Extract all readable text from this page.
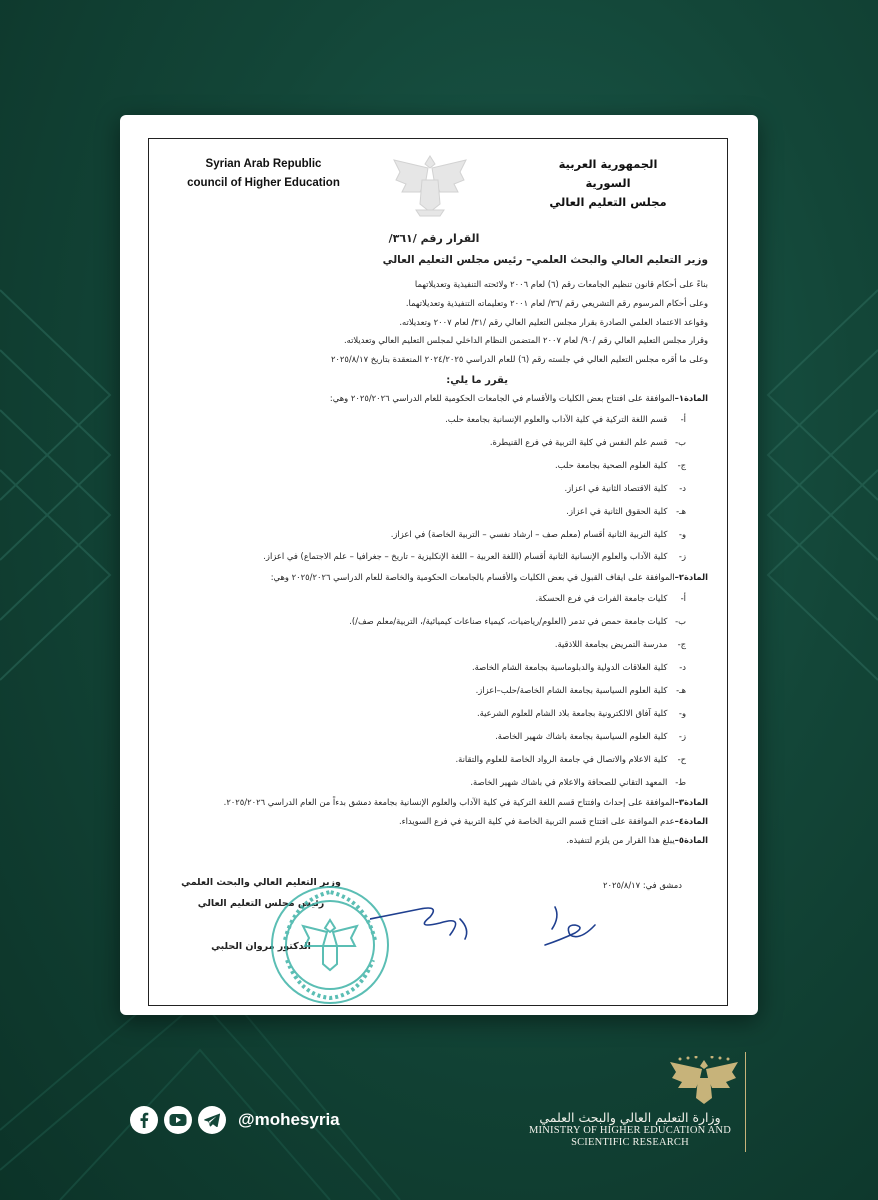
Syrian Arab Republic
council of Higher Education
الجمهورية العربية السورية
مجلس التعليم العالي
القرار رقم /٣٦١/
وزير التعليم العالي والبحث العلمي– رئيس مجلس التعليم العالي

بناءً على أحكام قانون تنظيم الجامعات رقم (٦) لعام ٢٠٠٦ ولائحته التنفيذية وتعديلاتهما

وعلى أحكام المرسوم رقم التشريعي رقم /٣٦/ لعام ٢٠٠١ وتعليماته التنفيذية وتعديلاتهما.

وقواعد الاعتماد العلمي الصادرة بقرار مجلس التعليم العالي رقم /٣١/ لعام ٢٠٠٧ وتعديلاته.

وقرار مجلس التعليم العالي رقم /٩٠/ لعام ٢٠٠٧ المتضمن النظام الداخلي لمجلس التعليم العالي وتعديلاته.

وعلى ما أقره مجلس التعليم العالي في جلسته رقم (٦) للعام الدراسي ٢٠٢٤/٢٠٢٥ المنعقدة بتاريخ ٢٠٢٥/٨/١٧

يقرر ما يلي:
المادة١–الموافقة على افتتاح بعض الكليات والأقسام في الجامعات الحكومية للعام الدراسي ٢٠٢٥/٢٠٢٦ وهي:
أ- قسم اللغة التركية في كلية الآداب والعلوم الإنسانية بجامعة حلب.
ب- قسم علم النفس في كلية التربية في فرع القنيطرة.
ج- كلية العلوم الصحية بجامعة حلب.
د- كلية الاقتصاد الثانية في اعزاز.
هـ- كلية الحقوق الثانية في اعزاز.
و- كلية التربية الثانية أقسام (معلم صف – ارشاد نفسي – التربية الخاصة) في اعزاز.
ز- كلية الآداب والعلوم الإنسانية الثانية أقسام (اللغة العربية – اللغة الإنكليزية – تاريخ – جغرافيا – علم الاجتماع) في اعزاز.
المادة٢–الموافقة على ايقاف القبول في بعض الكليات والأقسام بالجامعات الحكومية والخاصة للعام الدراسي ٢٠٢٥/٢٠٢٦ وهي:
أ- كليات جامعة الفرات في فرع الحسكة.
ب- كليات جامعة حمص في تدمر (العلوم/رياضيات، كيمياء صناعات كيميائية/، التربية/معلم صف/).
ج- مدرسة التمريض بجامعة اللاذقية.
د- كلية العلاقات الدولية والدبلوماسية بجامعة الشام الخاصة.
هـ- كلية العلوم السياسية بجامعة الشام الخاصة/حلب–اعزاز.
و- كلية آفاق الالكترونية بجامعة بلاد الشام للعلوم الشرعية.
ز- كلية العلوم السياسية بجامعة باشاك شهير الخاصة.
ح- كلية الاعلام والاتصال في جامعة الرواد الخاصة للعلوم والتقانة.
ط- المعهد التقاني للصحافة والاعلام في باشاك شهير الخاصة.
المادة٣–الموافقة على إحداث وافتتاح قسم اللغة التركية في كلية الآداب والعلوم الإنسانية بجامعة دمشق بدءاً من العام الدراسي ٢٠٢٥/٢٠٢٦.
المادة٤–عدم الموافقة على افتتاح قسم التربية الخاصة في كلية التربية في فرع السويداء.
المادة٥–يبلغ هذا القرار من يلزم لتنفيذه.
دمشق في: ٢٠٢٥/٨/١٧
وزير التعليم العالي والبحث العلمي
رئيس مجلس التعليم العالي
الدكتور مروان الحلبي
وزارة التعليم العالي والبحث العلمي
MINISTRY OF HIGHER EDUCATION AND
SCIENTIFIC RESEARCH
@mohesyria
